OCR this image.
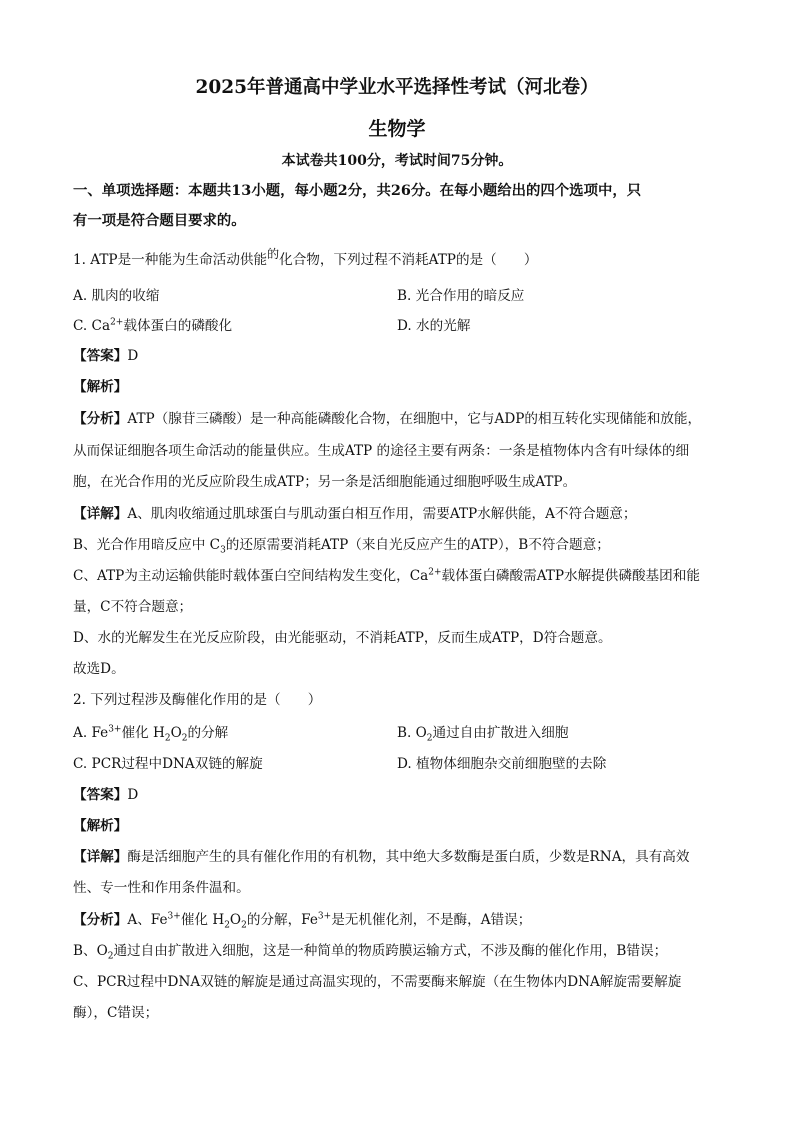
2025年普通高中学业水平选择性考试（河北卷）
生物学
本试卷共100分，考试时间75分钟。
一、单项选择题：本题共13小题，每小题2分，共26分。在每小题给出的四个选项中，只
有一项是符合题目要求的。
1. ATP是一种能为生命活动供能$^的$化合物，下列过程不消耗ATP的是（　　）
A. 肌肉的收缩	B. 光合作用的暗反应
C. $Ca^{2+}$载体蛋白的磷酸化	D. 水的光解
【答案】D
【解析】
【分析】ATP（腺苷三磷酸）是一种高能磷酸化合物，在细胞中，它与ADP的相互转化实现储能和放能，
从而保证细胞各项生命活动的能量供应。生成ATP 的途径主要有两条：一条是植物体内含有叶绿体的细
胞，在光合作用的光反应阶段生成ATP；另一条是活细胞能通过细胞呼吸生成ATP。
【详解】A、肌肉收缩通过肌球蛋白与肌动蛋白相互作用，需要ATP水解供能，A不符合题意；
B、光合作用暗反应中 $C_3$的还原需要消耗ATP（来自光反应产生的ATP），B不符合题意；
C、ATP为主动运输供能时载体蛋白空间结构发生变化，$Ca^{2+}$载体蛋白磷酸需ATP水解提供磷酸基团和能
量，C不符合题意；
D、水的光解发生在光反应阶段，由光能驱动，不消耗ATP，反而生成ATP，D符合题意。
故选D。
2. 下列过程涉及酶催化作用的是（　　）
A. $Fe^{3+}$催化 $H_2O_2$的分解	B. $O_2$通过自由扩散进入细胞
C. PCR过程中DNA双链的解旋	D. 植物体细胞杂交前细胞壁的去除
【答案】D
【解析】
【详解】酶是活细胞产生的具有催化作用的有机物，其中绝大多数酶是蛋白质，少数是RNA，具有高效
性、专一性和作用条件温和。
【分析】A、$Fe^{3+}$催化 $H_2O_2$的分解，$Fe^{3+}$是无机催化剂，不是酶，A错误；
B、$O_2$通过自由扩散进入细胞，这是一种简单的物质跨膜运输方式，不涉及酶的催化作用，B错误；
C、PCR过程中DNA双链的解旋是通过高温实现的，不需要酶来解旋（在生物体内DNA解旋需要解旋
酶），C错误；
